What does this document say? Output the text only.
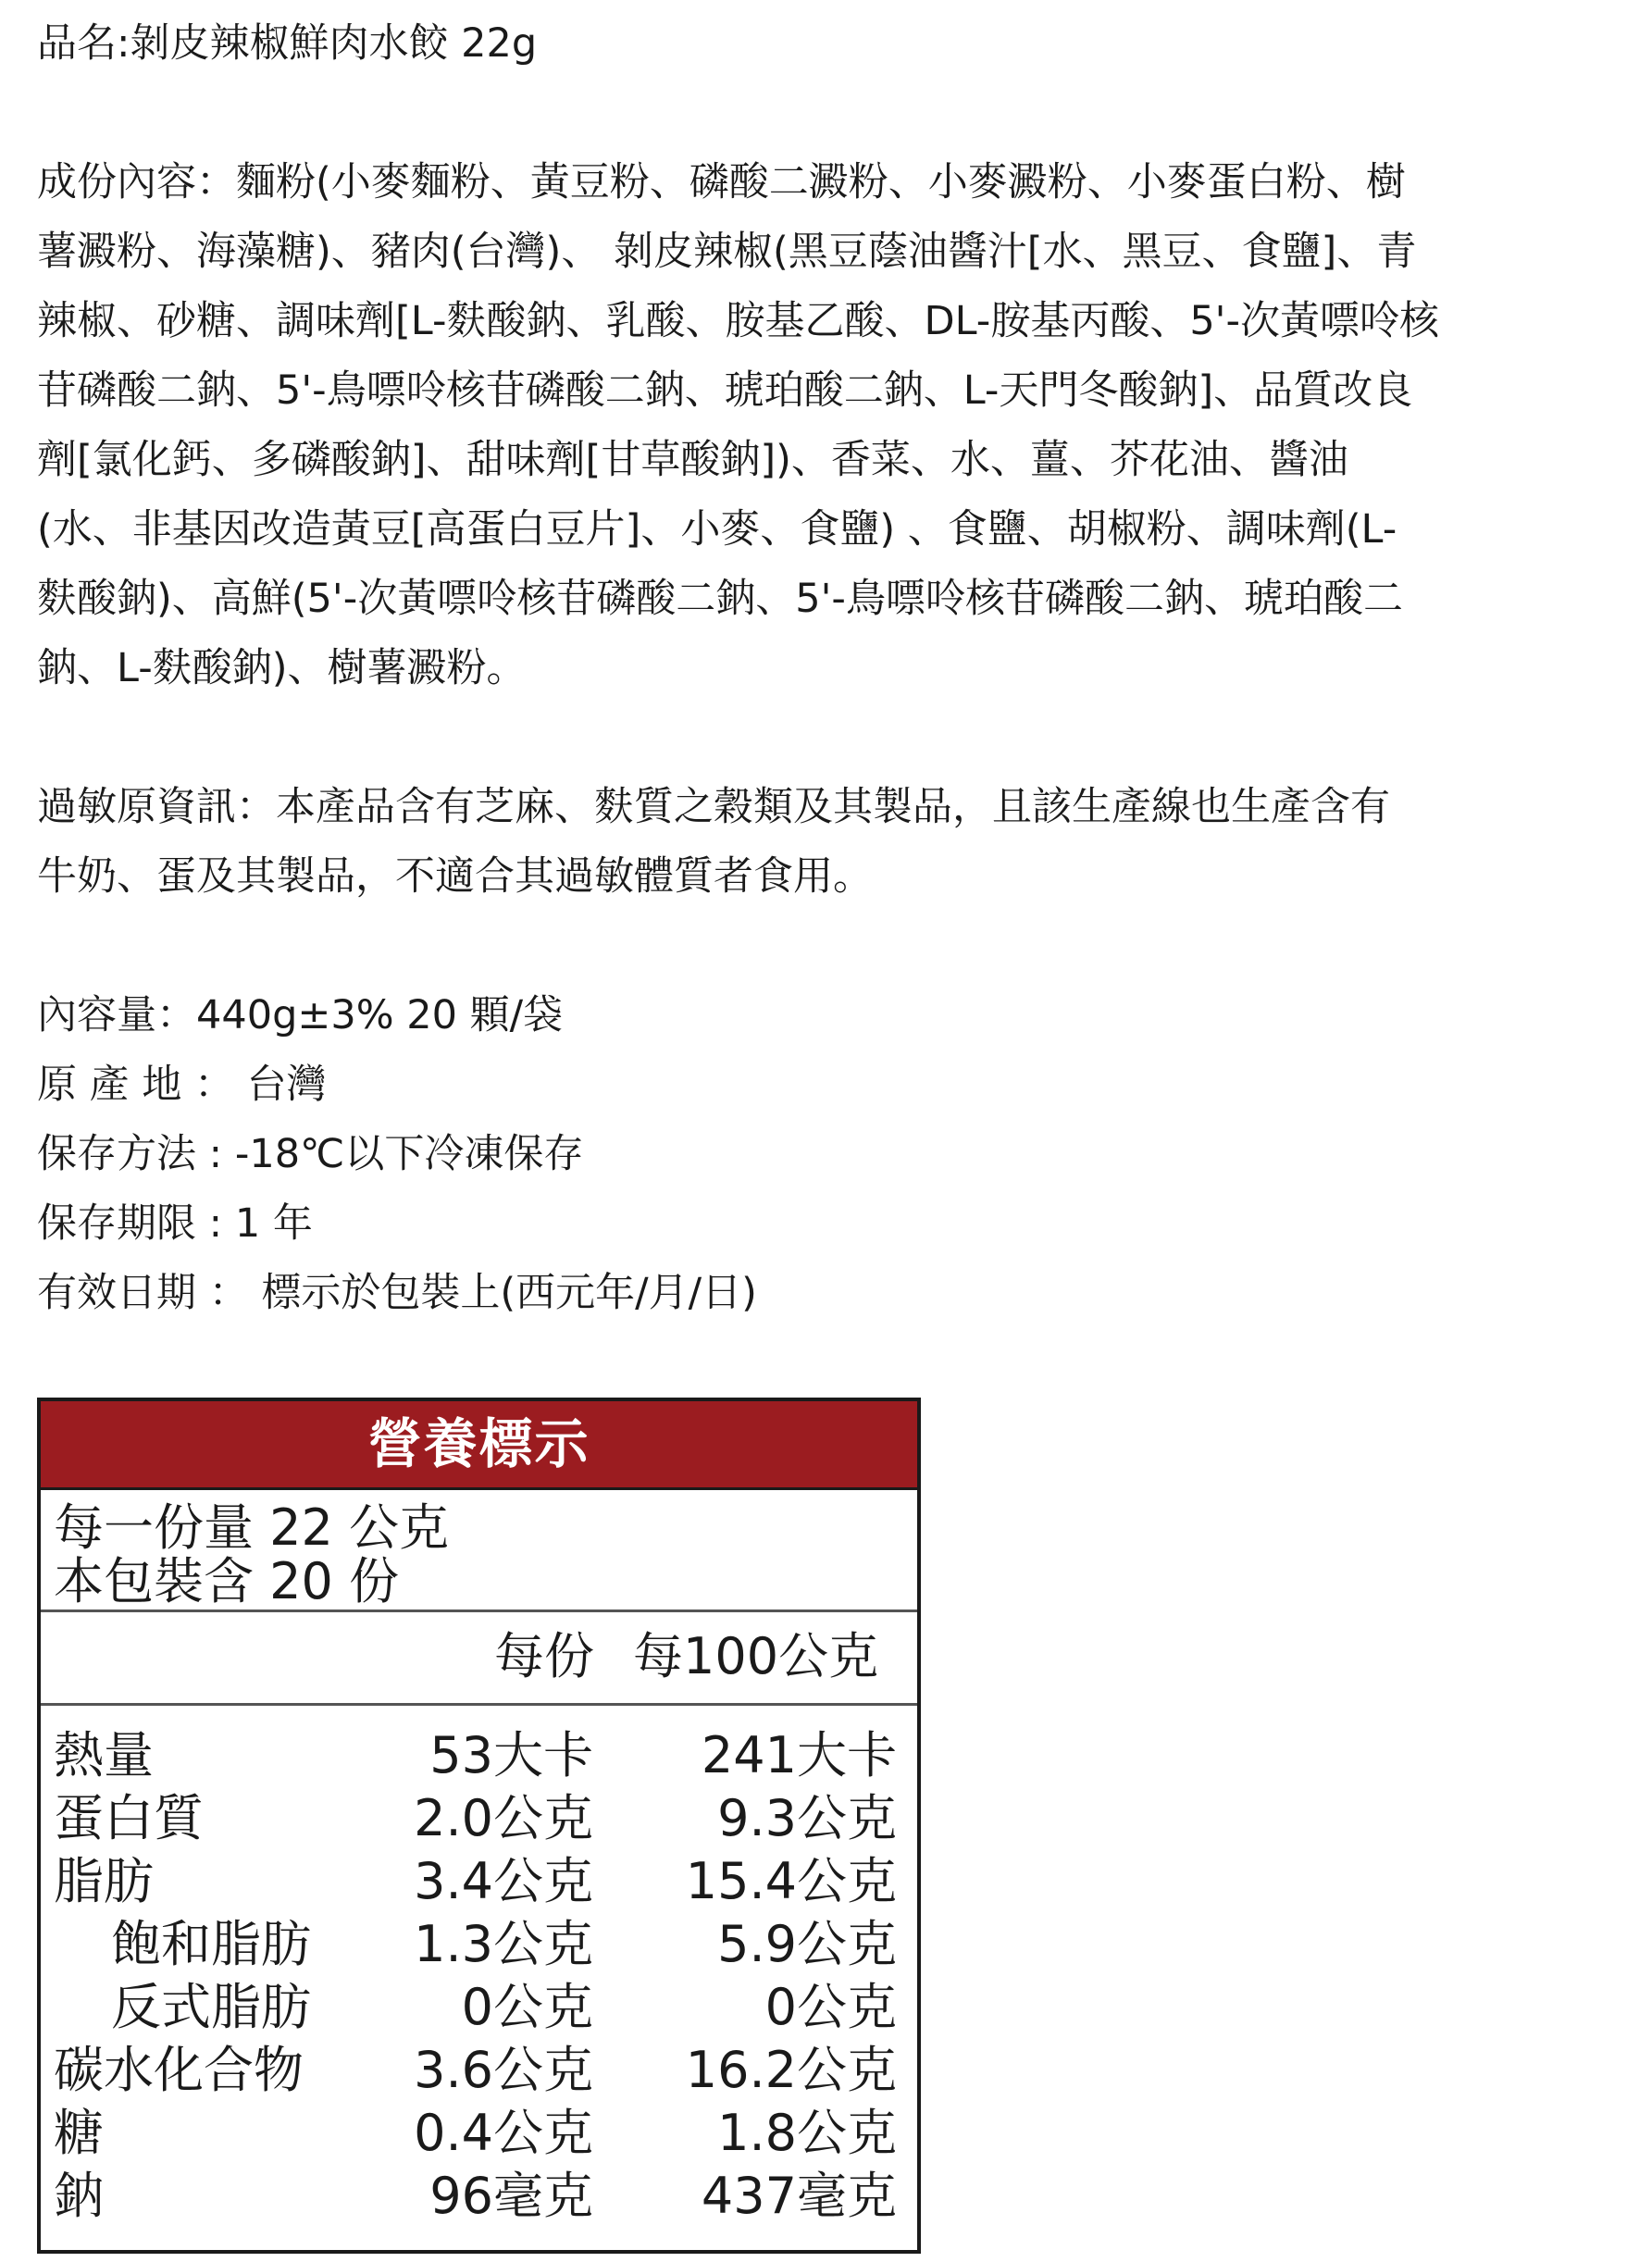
品名:剝皮辣椒鮮肉水餃 22g

成份內容：麵粉(小麥麵粉、黃豆粉、磷酸二澱粉、小麥澱粉、小麥蛋白粉、樹

薯澱粉、海藻糖)、豬肉(台灣)、 剝皮辣椒(黑豆蔭油醬汁[水、黑豆、食鹽]、青

辣椒、砂糖、調味劑[L-麩酸鈉、乳酸、胺基乙酸、DL-胺基丙酸、5'-次黃嘌呤核

苷磷酸二鈉、5'-鳥嘌呤核苷磷酸二鈉、琥珀酸二鈉、L-天門冬酸鈉]、品質改良

劑[氯化鈣、多磷酸鈉]、甜味劑[甘草酸鈉])、香菜、水、薑、芥花油、醬油

(水、非基因改造黃豆[高蛋白豆片]、小麥、食鹽) 、食鹽、胡椒粉、調味劑(L-

麩酸鈉)、高鮮(5'-次黃嘌呤核苷磷酸二鈉、5'-鳥嘌呤核苷磷酸二鈉、琥珀酸二

鈉、L-麩酸鈉)、樹薯澱粉。

過敏原資訊：本產品含有芝麻、麩質之穀類及其製品，且該生產線也生產含有

牛奶、蛋及其製品，不適合其過敏體質者食用。

內容量：440g±3% 20 顆/袋

原 產 地 ： 台灣

保存方法 : -18℃以下冷凍保存

保存期限 : 1 年

有效日期 ： 標示於包裝上(西元年/月/日)

營養標示
每一份量 22 公克
本包裝含 20 份
每份 每100公克
熱量	53大卡 241大卡
蛋白質	2.0公克 9.3公克
脂肪	3.4公克 15.4公克
飽和脂肪 1.3公克 5.9公克
反式脂肪	0公克	0公克
碳水化合物 3.6公克 16.2公克
糖	0.4公克 1.8公克
鈉	96毫克 437毫克
